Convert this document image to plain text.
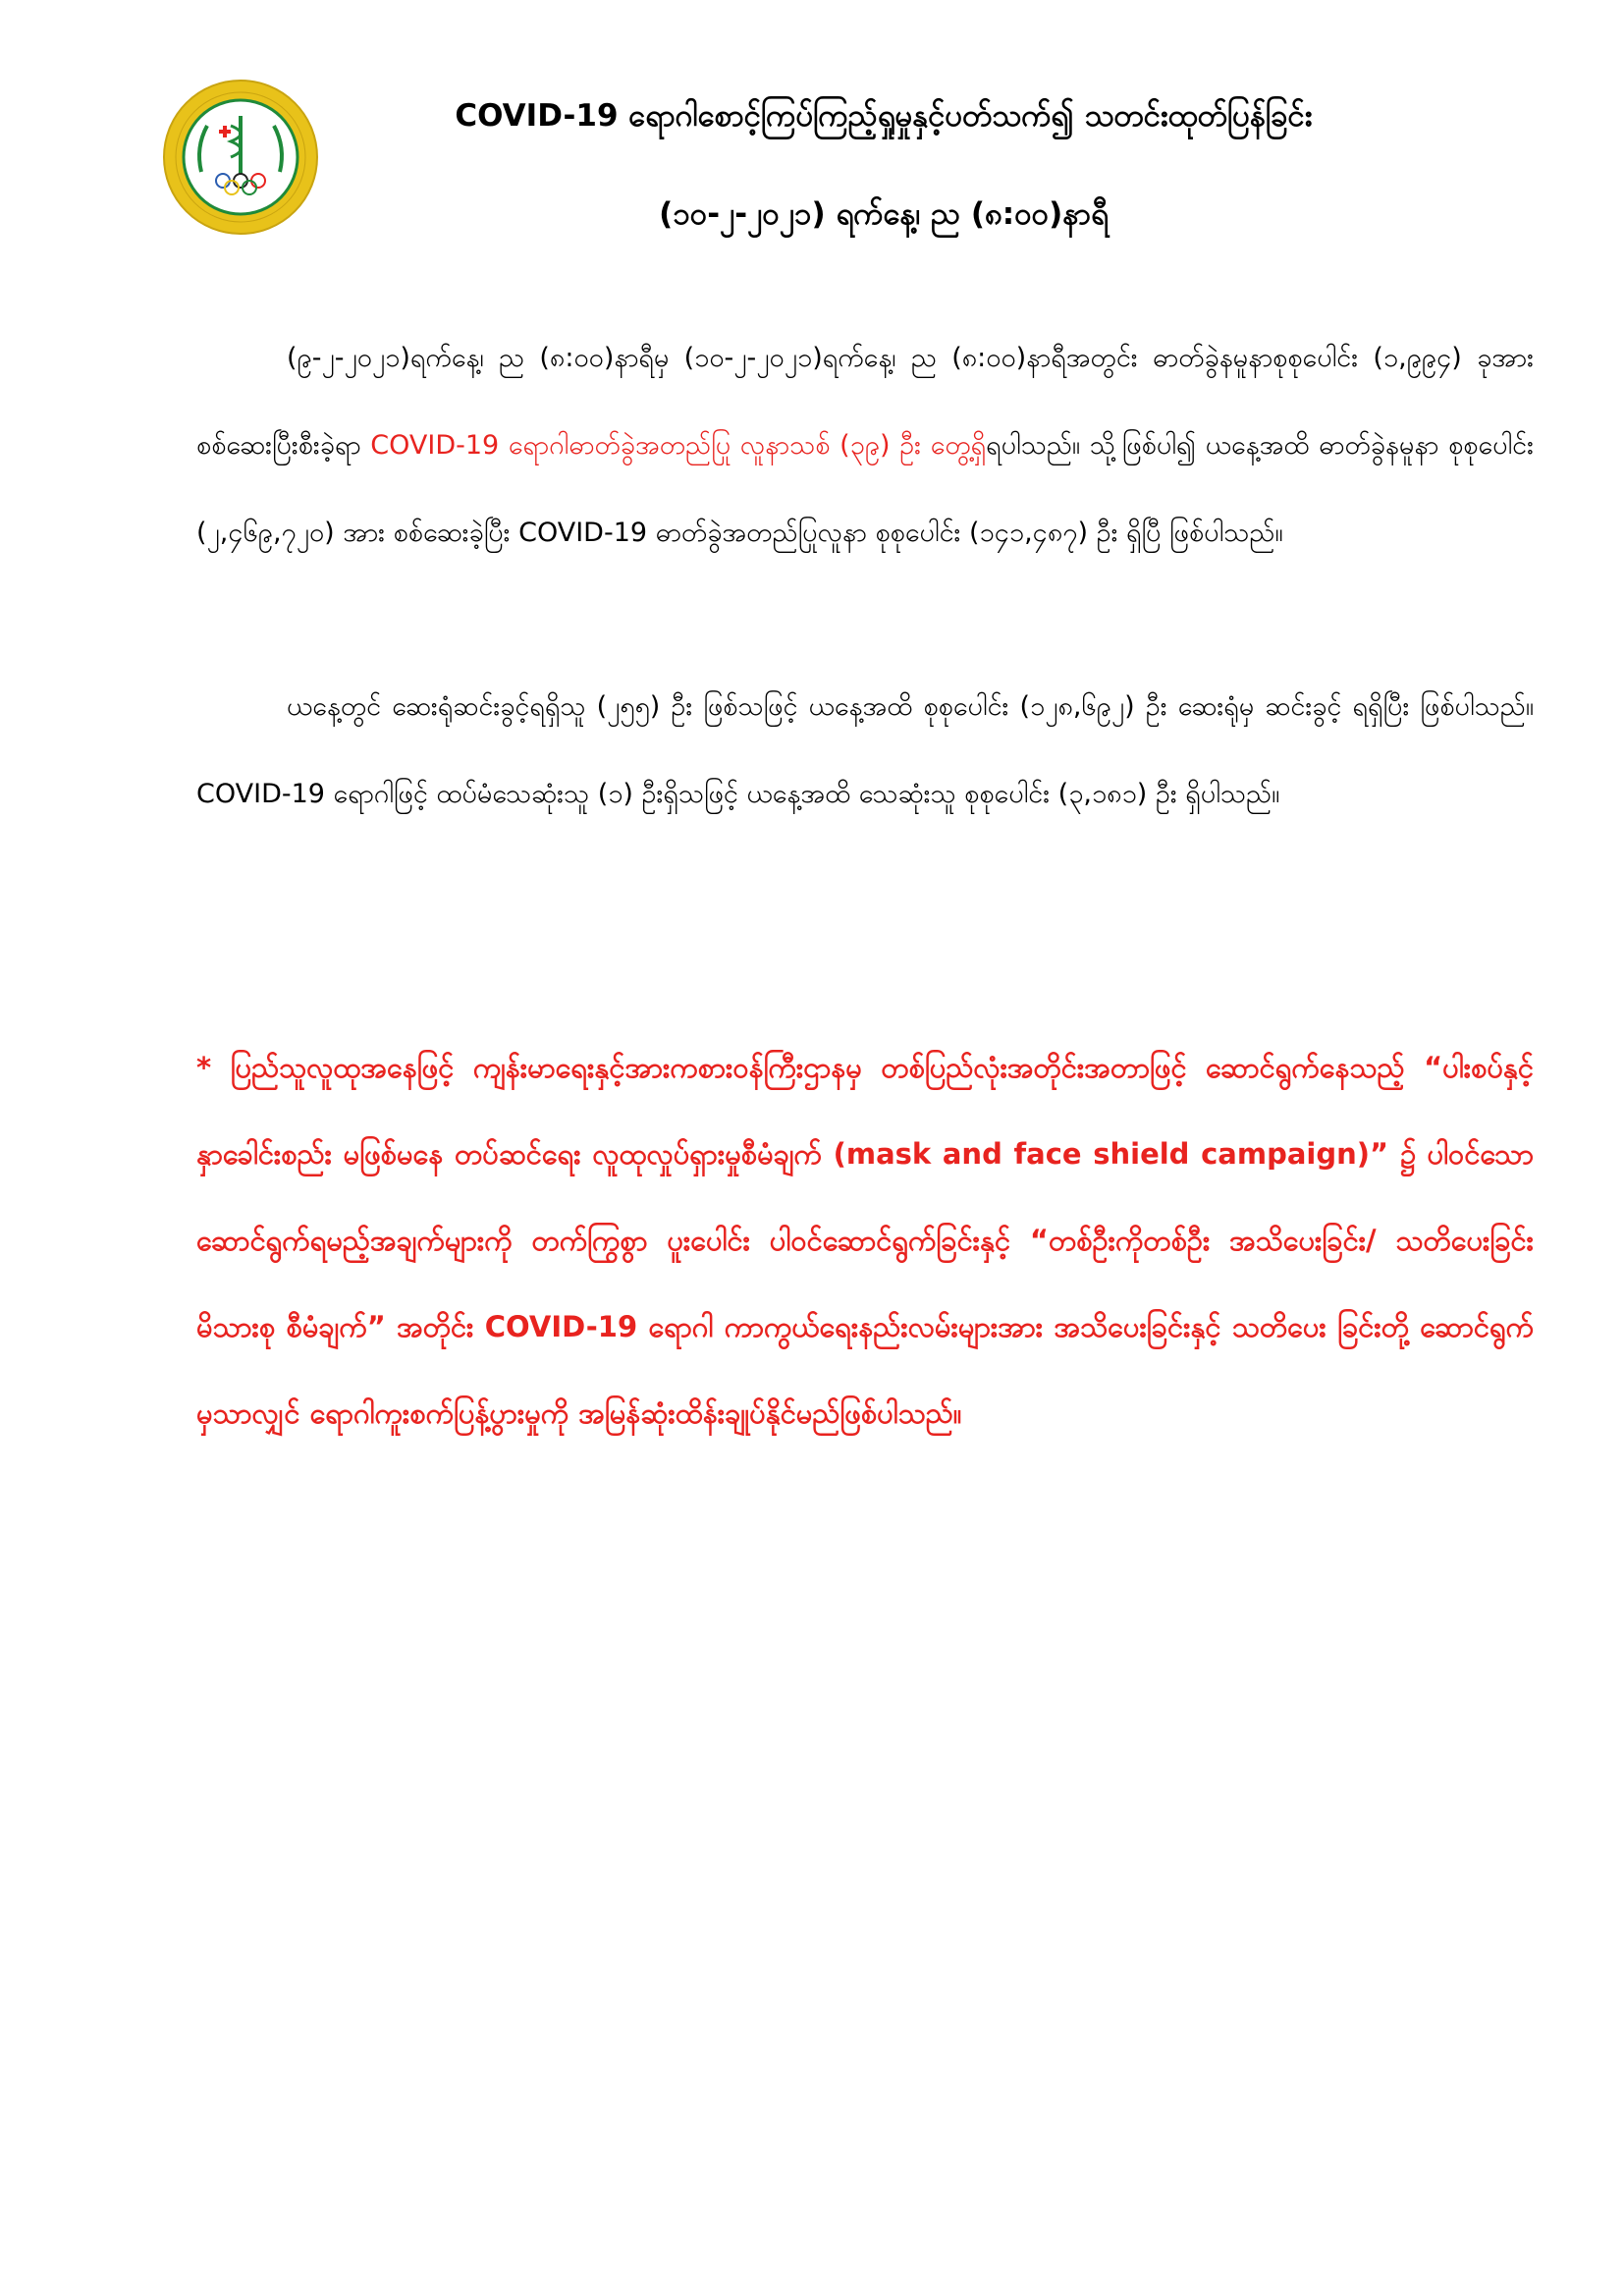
COVID-19 ရောဂါစောင့်ကြပ်ကြည့်ရှုမှုနှင့်ပတ်သက်၍ သတင်းထုတ်ပြန်ခြင်း
(၁၀-၂-၂၀၂၁) ရက်နေ့၊ ည (၈:၀၀)နာရီ
(၉-၂-၂၀၂၁)ရက်နေ့၊ ည (၈:၀၀)နာရီမှ (၁၀-၂-၂၀၂၁)ရက်နေ့၊ ည (၈:၀၀)နာရီအတွင်း ဓာတ်ခွဲနမူနာစုစုပေါင်း (၁,၉၉၄) ခုအား စစ်ဆေးပြီးစီးခဲ့ရာ COVID-19 ရောဂါဓာတ်ခွဲအတည်ပြု လူနာသစ် (၃၉) ဦး တွေ့ရှိရပါသည်။ သို့ဖြစ်ပါ၍ ယနေ့အထိ ဓာတ်ခွဲနမူနာ စုစုပေါင်း (၂,၄၆၉,၇၂၀) အား စစ်ဆေးခဲ့ပြီး COVID-19 ဓာတ်ခွဲအတည်ပြုလူနာ စုစုပေါင်း (၁၄၁,၄၈၇) ဦး ရှိပြီ ဖြစ်ပါသည်။
ယနေ့တွင် ဆေးရုံဆင်းခွင့်ရရှိသူ (၂၅၅) ဦး ဖြစ်သဖြင့် ယနေ့အထိ စုစုပေါင်း (၁၂၈,၆၉၂) ဦး ဆေးရုံမှ ဆင်းခွင့် ရရှိပြီး ဖြစ်ပါသည်။ COVID-19 ရောဂါဖြင့် ထပ်မံသေဆုံးသူ (၁) ဦးရှိသဖြင့် ယနေ့အထိ သေဆုံးသူ စုစုပေါင်း (၃,၁၈၁) ဦး ရှိပါသည်။
* ပြည်သူလူထုအနေဖြင့် ကျန်းမာရေးနှင့်အားကစားဝန်ကြီးဌာနမှ တစ်ပြည်လုံးအတိုင်းအတာဖြင့် ဆောင်ရွက်နေသည့် “ပါးစပ်နှင့် နှာခေါင်းစည်း မဖြစ်မနေ တပ်ဆင်ရေး လူထုလှုပ်ရှားမှုစီမံချက် (mask and face shield campaign)” ၌ ပါဝင်သော ဆောင်ရွက်ရမည့်အချက်များကို တက်ကြွစွာ ပူးပေါင်း ပါဝင်ဆောင်ရွက်ခြင်းနှင့် “တစ်ဦးကိုတစ်ဦး အသိပေးခြင်း/ သတိပေးခြင်း မိသားစု စီမံချက်” အတိုင်း COVID-19 ရောဂါ ကာကွယ်ရေးနည်းလမ်းများအား အသိပေးခြင်းနှင့် သတိပေး ခြင်းတို့ ဆောင်ရွက်မှသာလျှင် ရောဂါကူးစက်ပြန့်ပွားမှုကို အမြန်ဆုံးထိန်းချုပ်နိုင်မည်ဖြစ်ပါသည်။
